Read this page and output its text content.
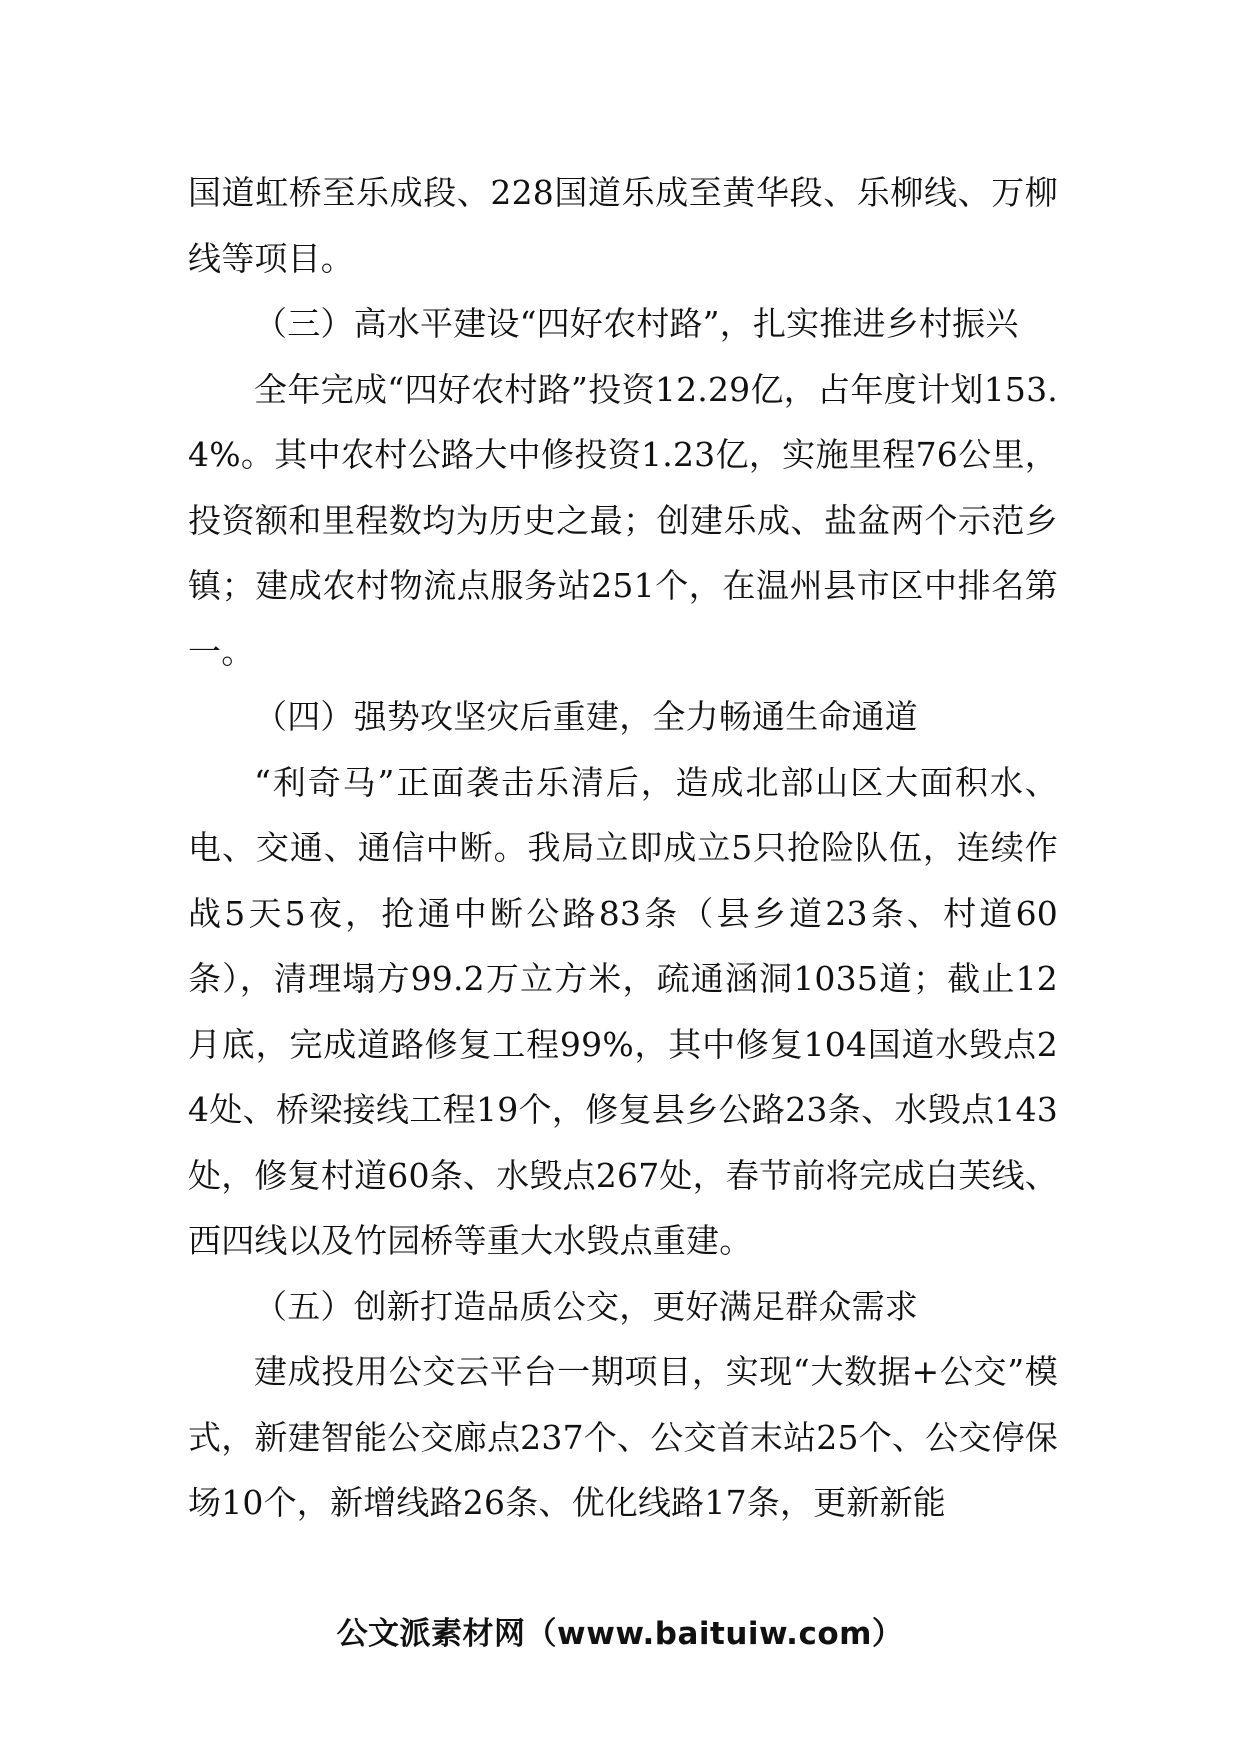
国道虹桥至乐成段、228国道乐成至黄华段、乐柳线、万柳线等项目。

（三）高水平建设“四好农村路”，扎实推进乡村振兴

全年完成“四好农村路”投资12.29亿，占年度计划153.4%。其中农村公路大中修投资1.23亿，实施里程76公里，投资额和里程数均为历史之最；创建乐成、盐盆两个示范乡镇；建成农村物流点服务站251个，在温州县市区中排名第一。

（四）强势攻坚灾后重建，全力畅通生命通道

“利奇马”正面袭击乐清后，造成北部山区大面积水、电、交通、通信中断。我局立即成立5只抢险队伍，连续作战5天5夜，抢通中断公路83条（县乡道23条、村道60条），清理塌方99.2万立方米，疏通涵洞1035道；截止12月底，完成道路修复工程99%，其中修复104国道水毁点24处、桥梁接线工程19个，修复县乡公路23条、水毁点143处，修复村道60条、水毁点267处，春节前将完成白芙线、西四线以及竹园桥等重大水毁点重建。

（五）创新打造品质公交，更好满足群众需求

建成投用公交云平台一期项目，实现“大数据+公交”模式，新建智能公交廊点237个、公交首末站25个、公交停保场10个，新增线路26条、优化线路17条，更新新能

公文派素材网（www.baituiw.com）
